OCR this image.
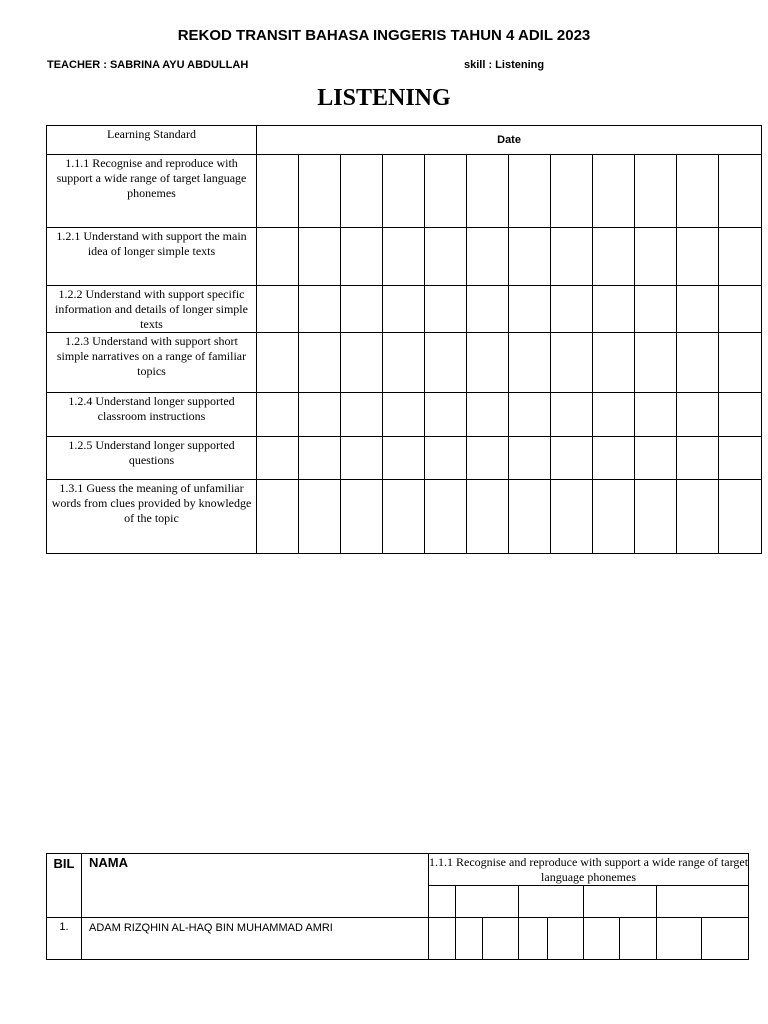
REKOD TRANSIT BAHASA INGGERIS TAHUN 4 ADIL 2023
TEACHER : SABRINA AYU ABDULLAH	skill : Listening
LISTENING
Learning Standard	Date											
1.1.1 Recognise and reproduce with support a wide range of target language phonemes												
1.2.1 Understand with support the main idea of longer simple texts												
1.2.2 Understand with support specific information and details of longer simple texts												
1.2.3 Understand with support short simple narratives on a range of familiar topics												
1.2.4 Understand longer supported classroom instructions												
1.2.5 Understand longer supported questions												
1.3.1 Guess the meaning of unfamiliar words from clues provided by knowledge of the topic												
BIL	NAMA	1.1.1 Recognise and reproduce with support a wide range of target language phonemes								

1.	ADAM RIZQHIN AL-HAQ BIN MUHAMMAD AMRI									
